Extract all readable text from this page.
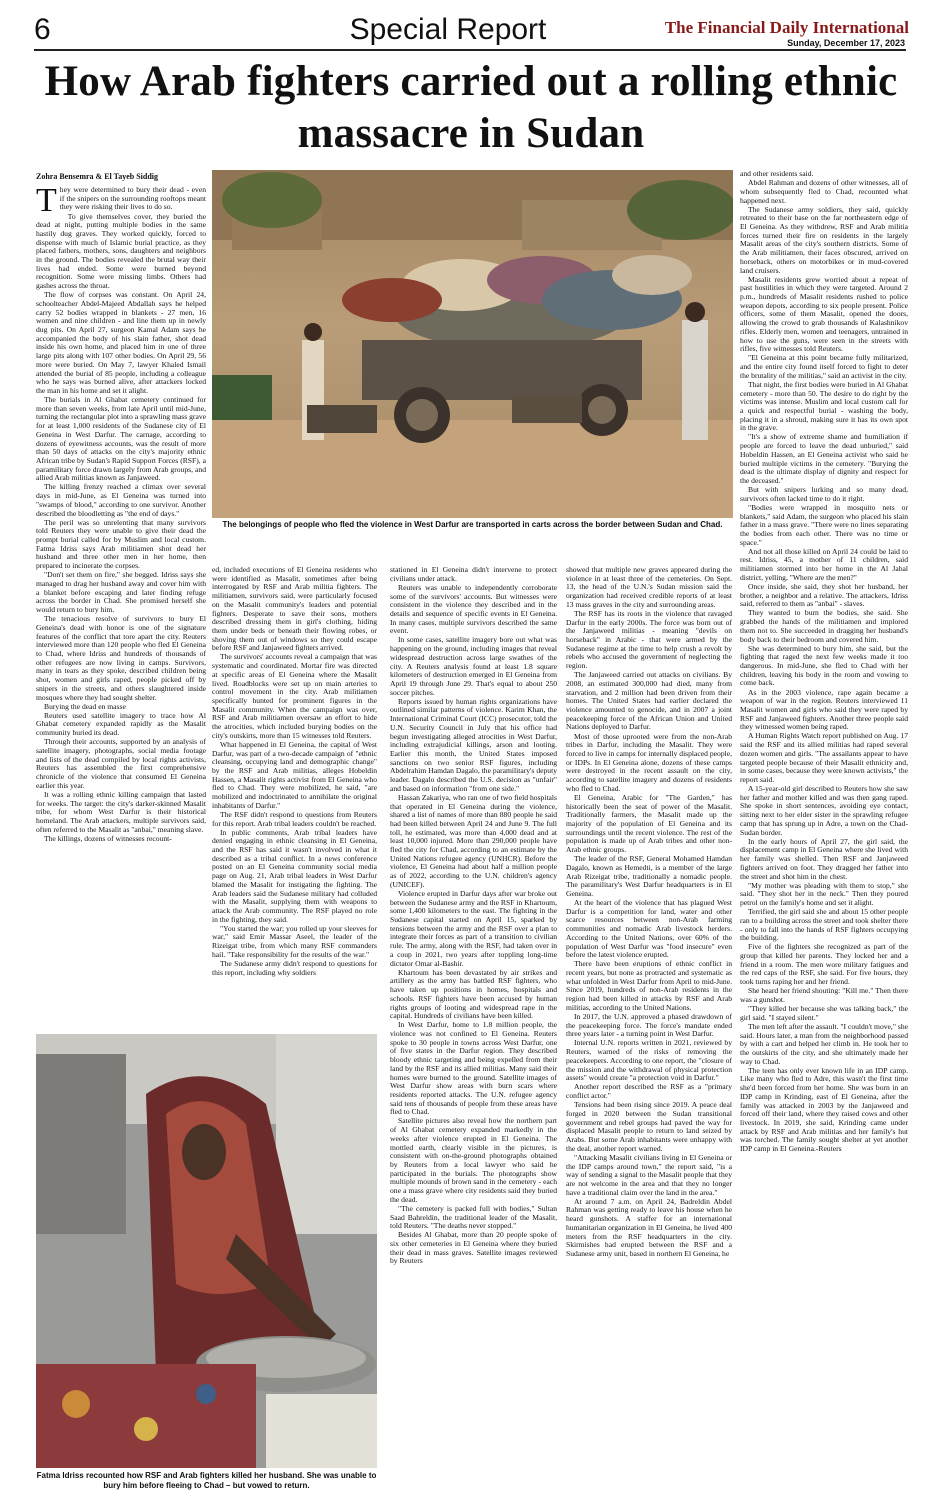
6	Special Report	The Financial Daily International
Sunday, December 17, 2023
How Arab fighters carried out a rolling ethnic massacre in Sudan
Zohra Bensemra & El Tayeb Siddig
The belongings of people who fled the violence in West Darfur are transported in carts across the border between Sudan and Chad.
T hey were determined to bury their dead - even if the snipers on the surrounding rooftops meant they were risking their lives to do so.

To give themselves cover, they buried the dead at night, putting multiple bodies in the same hastily dug graves. They worked quickly, forced to dispense with much of Islamic burial practice, as they placed fathers, mothers, sons, daughters and neighbors in the ground. The bodies revealed the brutal way their lives had ended. Some were burned beyond recognition. Some were missing limbs. Others had gashes across the throat.

The flow of corpses was constant. On April 24, schoolteacher Abdel-Majeed Abdallah says he helped carry 52 bodies wrapped in blankets - 27 men, 16 women and nine children - and line them up in newly dug pits. On April 27, surgeon Kamal Adam says he accompanied the body of his slain father, shot dead inside his own home, and placed him in one of three large pits along with 107 other bodies. On April 29, 56 more were buried. On May 7, lawyer Khaled Ismail attended the burial of 85 people, including a colleague who he says was burned alive, after attackers locked the man in his home and set it alight.

The burials in Al Ghabat cemetery continued for more than seven weeks, from late April until mid-June, turning the rectangular plot into a sprawling mass grave for at least 1,000 residents of the Sudanese city of El Geneina in West Darfur. The carnage, according to dozens of eyewitness accounts, was the result of more than 50 days of attacks on the city's majority ethnic African tribe by Sudan's Rapid Support Forces (RSF), a paramilitary force drawn largely from Arab groups, and allied Arab militias known as Janjaweed.

The killing frenzy reached a climax over several days in mid-June, as El Geneina was turned into "swamps of blood," according to one survivor. Another described the bloodletting as "the end of days."

The peril was so unrelenting that many survivors told Reuters they were unable to give their dead the prompt burial called for by Muslim and local custom. Fatma Idriss says Arab militiamen shot dead her husband and three other men in her home, then prepared to incinerate the corpses.

"Don't set them on fire," she begged. Idriss says she managed to drag her husband away and cover him with a blanket before escaping and later finding refuge across the border in Chad. She promised herself she would return to bury him.

The tenacious resolve of survivors to bury El Geneina's dead with honor is one of the signature features of the conflict that tore apart the city. Reuters interviewed more than 120 people who fled El Geneina to Chad, where Idriss and hundreds of thousands of other refugees are now living in camps. Survivors, many in tears as they spoke, described children being shot, women and girls raped, people picked off by snipers in the streets, and others slaughtered inside mosques where they had sought shelter.

Burying the dead en masse

Reuters used satellite imagery to trace how Al Ghabat cemetery expanded rapidly as the Masalit community buried its dead.

Through their accounts, supported by an analysis of satellite imagery, photographs, social media footage and lists of the dead compiled by local rights activists, Reuters has assembled the first comprehensive chronicle of the violence that consumed El Geneina earlier this year.

It was a rolling ethnic killing campaign that lasted for weeks. The target: the city's darker-skinned Masalit tribe, for whom West Darfur is their historical homeland. The Arab attackers, multiple survivors said, often referred to the Masalit as "anbai," meaning slave.

The killings, dozens of witnesses recount-

ed, included executions of El Geneina residents who were identified as Masalit, sometimes after being interrogated by RSF and Arab militia fighters. The militiamen, survivors said, were particularly focused on the Masalit community's leaders and potential fighters. Desperate to save their sons, mothers described dressing them in girl's clothing, hiding them under beds or beneath their flowing robes, or shoving them out of windows so they could escape before RSF and Janjaweed fighters arrived.

The survivors' accounts reveal a campaign that was systematic and coordinated. Mortar fire was directed at specific areas of El Geneina where the Masalit lived. Roadblocks were set up on main arteries to control movement in the city. Arab militiamen specifically hunted for prominent figures in the Masalit community. When the campaign was over, RSF and Arab militiamen oversaw an effort to hide the atrocities, which included burying bodies on the city's outskirts, more than 15 witnesses told Reuters.

What happened in El Geneina, the capital of West Darfur, was part of a two-decade campaign of "ethnic cleansing, occupying land and demographic change" by the RSF and Arab militias, alleges Hobeldin Hassen, a Masalit rights activist from El Geneina who fled to Chad. They were mobilized, he said, "are mobilized and indoctrinated to annihilate the original inhabitants of Darfur."

The RSF didn't respond to questions from Reuters for this report. Arab tribal leaders couldn't be reached.

In public comments, Arab tribal leaders have denied engaging in ethnic cleansing in El Geneina, and the RSF has said it wasn't involved in what it described as a tribal conflict. In a news conference posted on an El Geneina community social media page on Aug. 21, Arab tribal leaders in West Darfur blamed the Masalit for instigating the fighting. The Arab leaders said the Sudanese military had colluded with the Masalit, supplying them with weapons to attack the Arab community. The RSF played no role in the fighting, they said.

"You started the war; you rolled up your sleeves for war," said Emir Massar Aseel, the leader of the Rizeigat tribe, from which many RSF commanders hail. "Take responsibility for the results of the war."

The Sudanese army didn't respond to questions for this report, including why soldiers

Fatma Idriss recounted how RSF and Arab fighters killed her husband. She was unable to bury him before fleeing to Chad – but vowed to return.

stationed in El Geneina didn't intervene to protect civilians under attack.

Reuters was unable to independently corroborate some of the survivors' accounts. But witnesses were consistent in the violence they described and in the details and sequence of specific events in El Geneina. In many cases, multiple survivors described the same event.

In some cases, satellite imagery bore out what was happening on the ground, including images that reveal widespread destruction across large swathes of the city. A Reuters analysis found at least 1.8 square kilometers of destruction emerged in El Geneina from April 19 through June 29. That's equal to about 250 soccer pitches.

Reports issued by human rights organizations have outlined similar patterns of violence. Karim Khan, the International Criminal Court (ICC) prosecutor, told the U.N. Security Council in July that his office had begun investigating alleged atrocities in West Darfur, including extrajudicial killings, arson and looting. Earlier this month, the United States imposed sanctions on two senior RSF figures, including Abdelrahim Hamdan Dagalo, the paramilitary's deputy leader. Dagalo described the U.S. decision as "unfair" and based on information "from one side."

Hassan Zakariya, who ran one of two field hospitals that operated in El Geneina during the violence, shared a list of names of more than 880 people he said had been killed between April 24 and June 9. The full toll, he estimated, was more than 4,000 dead and at least 10,000 injured. More than 290,000 people have fled the city for Chad, according to an estimate by the United Nations refugee agency (UNHCR). Before the violence, El Geneina had about half a million people as of 2022, according to the U.N. children's agency (UNICEF).

Violence erupted in Darfur days after war broke out between the Sudanese army and the RSF in Khartoum, some 1,400 kilometers to the east. The fighting in the Sudanese capital started on April 15, sparked by tensions between the army and the RSF over a plan to integrate their forces as part of a transition to civilian rule. The army, along with the RSF, had taken over in a coup in 2021, two years after toppling long-time dictator Omar al-Bashir.

Khartoum has been devastated by air strikes and artillery as the army has battled RSF fighters, who have taken up positions in homes, hospitals and schools. RSF fighters have been accused by human rights groups of looting and widespread rape in the capital. Hundreds of civilians have been killed.

In West Darfur, home to 1.8 million people, the violence was not confined to El Geneina. Reuters spoke to 30 people in towns across West Darfur, one of five states in the Darfur region. They described bloody ethnic targeting and being expelled from their land by the RSF and its allied militias. Many said their homes were burned to the ground. Satellite images of West Darfur show areas with burn scars where residents reported attacks. The U.N. refugee agency said tens of thousands of people from these areas have fled to Chad.

Satellite pictures also reveal how the northern part of Al Ghabat cemetery expanded markedly in the weeks after violence erupted in El Geneina. The mottled earth, clearly visible in the pictures, is consistent with on-the-ground photographs obtained by Reuters from a local lawyer who said he participated in the burials. The photographs show multiple mounds of brown sand in the cemetery - each one a mass grave where city residents said they buried the dead.

"The cemetery is packed full with bodies," Sultan Saad Bahreldin, the traditional leader of the Masalit, told Reuters. "The deaths never stopped."

Besides Al Ghabat, more than 20 people spoke of six other cemeteries in El Geneina where they buried their dead in mass graves. Satellite images reviewed by Reuters

showed that multiple new graves appeared during the violence in at least three of the cemeteries. On Sept. 13, the head of the U.N.'s Sudan mission said the organization had received credible reports of at least 13 mass graves in the city and surrounding areas.

The RSF has its roots in the violence that ravaged Darfur in the early 2000s. The force was born out of the Janjaweed militias - meaning "devils on horseback" in Arabic - that were armed by the Sudanese regime at the time to help crush a revolt by rebels who accused the government of neglecting the region.

The Janjaweed carried out attacks on civilians. By 2008, an estimated 300,000 had died, many from starvation, and 2 million had been driven from their homes. The United States had earlier declared the violence amounted to genocide, and in 2007 a joint peacekeeping force of the African Union and United Nations deployed to Darfur.

Most of those uprooted were from the non-Arab tribes in Darfur, including the Masalit. They were forced to live in camps for internally displaced people, or IDPs. In El Geneina alone, dozens of these camps were destroyed in the recent assault on the city, according to satellite imagery and dozens of residents who fled to Chad.

El Geneina, Arabic for "The Garden," has historically been the seat of power of the Masalit. Traditionally farmers, the Masalit made up the majority of the population of El Geneina and its surroundings until the recent violence. The rest of the population is made up of Arab tribes and other non-Arab ethnic groups.

The leader of the RSF, General Mohamed Hamdan Dagalo, known as Hemedti, is a member of the large Arab Rizeigat tribe, traditionally a nomadic people. The paramilitary's West Darfur headquarters is in El Geneina.

At the heart of the violence that has plagued West Darfur is a competition for land, water and other scarce resources between non-Arab farming communities and nomadic Arab livestock herders. According to the United Nations, over 60% of the population of West Darfur was "food insecure" even before the latest violence erupted.

There have been eruptions of ethnic conflict in recent years, but none as protracted and systematic as what unfolded in West Darfur from April to mid-June. Since 2019, hundreds of non-Arab residents in the region had been killed in attacks by RSF and Arab militias, according to the United Nations.

In 2017, the U.N. approved a phased drawdown of the peacekeeping force. The force's mandate ended three years later - a turning point in West Darfur.

Internal U.N. reports written in 2021, reviewed by Reuters, warned of the risks of removing the peacekeepers. According to one report, the "closure of the mission and the withdrawal of physical protection assets" would create "a protection void in Darfur."

Another report described the RSF as a "primary conflict actor."

Tensions had been rising since 2019. A peace deal forged in 2020 between the Sudan transitional government and rebel groups had paved the way for displaced Masalit people to return to land seized by Arabs. But some Arab inhabitants were unhappy with the deal, another report warned.

"Attacking Masalit civilians living in El Geneina or the IDP camps around town," the report said, "is a way of sending a signal to the Masalit people that they are not welcome in the area and that they no longer have a traditional claim over the land in the area."

At around 7 a.m. on April 24, Badreldin Abdel Rahman was getting ready to leave his house when he heard gunshots. A staffer for an international humanitarian organization in El Geneina, he lived 400 meters from the RSF headquarters in the city. Skirmishes had erupted between the RSF and a Sudanese army unit, based in northern El Geneina, he

and other residents said.

Abdel Rahman and dozens of other witnesses, all of whom subsequently fled to Chad, recounted what happened next.

The Sudanese army soldiers, they said, quickly retreated to their base on the far northeastern edge of El Geneina. As they withdrew, RSF and Arab militia forces turned their fire on residents in the largely Masalit areas of the city's southern districts. Some of the Arab militiamen, their faces obscured, arrived on horseback, others on motorbikes or in mud-covered land cruisers.

Masalit residents grew worried about a repeat of past hostilities in which they were targeted. Around 2 p.m., hundreds of Masalit residents rushed to police weapon depots, according to six people present. Police officers, some of them Masalit, opened the doors, allowing the crowd to grab thousands of Kalashnikov rifles. Elderly men, women and teenagers, untrained in how to use the guns, were seen in the streets with rifles, five witnesses told Reuters.

"El Geneina at this point became fully militarized, and the entire city found itself forced to fight to deter the brutality of the militias," said an activist in the city.

That night, the first bodies were buried in Al Ghabat cemetery - more than 50. The desire to do right by the victims was intense. Muslim and local custom call for a quick and respectful burial - washing the body, placing it in a shroud, making sure it has its own spot in the grave.

"It's a show of extreme shame and humiliation if people are forced to leave the dead unburied," said Hobeldin Hassen, an El Geneina activist who said he buried multiple victims in the cemetery. "Burying the dead is the ultimate display of dignity and respect for the deceased."

But with snipers lurking and so many dead, survivors often lacked time to do it right.

"Bodies were wrapped in mosquito nets or blankets," said Adam, the surgeon who placed his slain father in a mass grave. "There were no lines separating the bodies from each other. There was no time or space."

And not all those killed on April 24 could be laid to rest. Idriss, 45, a mother of 11 children, said militiamen stormed into her home in the Al Jabal district, yelling, "Where are the men?"

Once inside, she said, they shot her husband, her brother, a neighbor and a relative. The attackers, Idriss said, referred to them as "anbai" - slaves.

They wanted to burn the bodies, she said. She grabbed the hands of the militiamen and implored them not to. She succeeded in dragging her husband's body back to their bedroom and covered him.

She was determined to bury him, she said, but the fighting that raged the next few weeks made it too dangerous. In mid-June, she fled to Chad with her children, leaving his body in the room and vowing to come back.

As in the 2003 violence, rape again became a weapon of war in the region. Reuters interviewed 11 Masalit women and girls who said they were raped by RSF and Janjaweed fighters. Another three people said they witnessed women being raped.

A Human Rights Watch report published on Aug. 17 said the RSF and its allied militias had raped several dozen women and girls. "The assailants appear to have targeted people because of their Masalit ethnicity and, in some cases, because they were known activists," the report said.

A 15-year-old girl described to Reuters how she saw her father and mother killed and was then gang raped. She spoke in short sentences, avoiding eye contact, sitting next to her elder sister in the sprawling refugee camp that has sprung up in Adre, a town on the Chad-Sudan border.

In the early hours of April 27, the girl said, the displacement camp in El Geneina where she lived with her family was shelled. Then RSF and Janjaweed fighters arrived on foot. They dragged her father into the street and shot him in the chest.

"My mother was pleading with them to stop," she said. "They shot her in the neck." Then they poured petrol on the family's home and set it alight.

Terrified, the girl said she and about 15 other people ran to a building across the street and took shelter there - only to fall into the hands of RSF fighters occupying the building.

Five of the fighters she recognized as part of the group that killed her parents. They locked her and a friend in a room. The men wore military fatigues and the red caps of the RSF, she said. For five hours, they took turns raping her and her friend.

She heard her friend shouting: "Kill me." Then there was a gunshot.

"They killed her because she was talking back," the girl said. "I stayed silent."

The men left after the assault. "I couldn't move," she said. Hours later, a man from the neighborhood passed by with a cart and helped her climb in. He took her to the outskirts of the city, and she ultimately made her way to Chad.

The teen has only ever known life in an IDP camp. Like many who fled to Adre, this wasn't the first time she'd been forced from her home. She was born in an IDP camp in Krinding, east of El Geneina, after the family was attacked in 2003 by the Janjaweed and forced off their land, where they raised cows and other livestock. In 2019, she said, Krinding came under attack by RSF and Arab militias and her family's hut was torched. The family sought shelter at yet another IDP camp in El Geneina.-Reuters
